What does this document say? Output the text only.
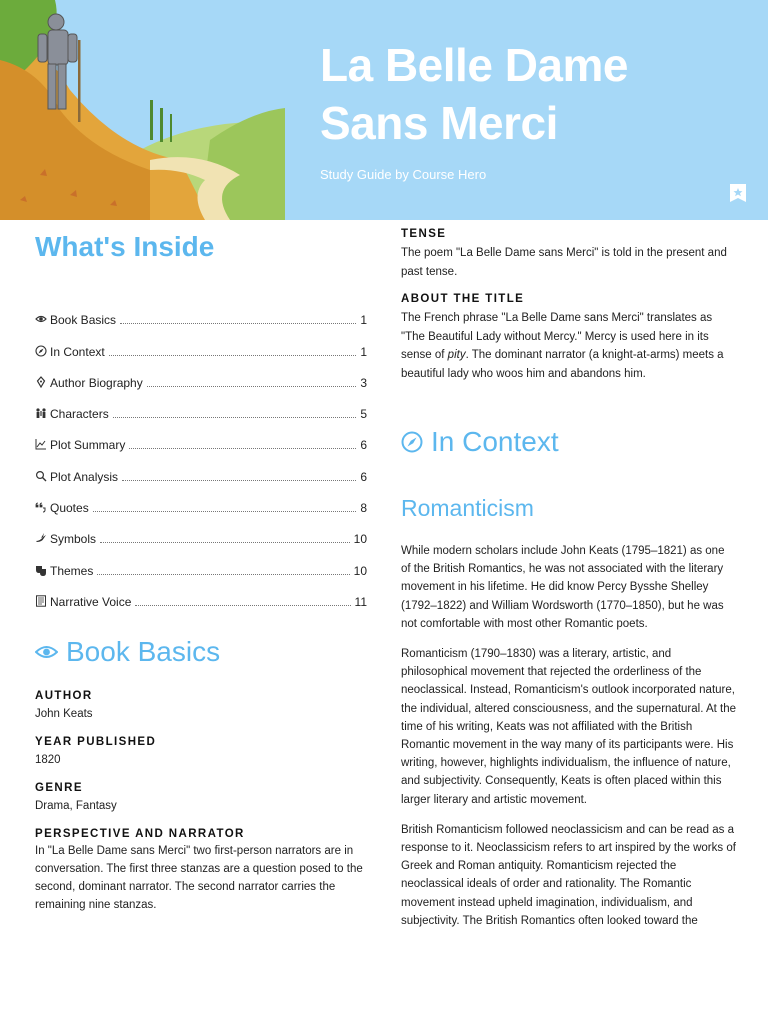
La Belle Dame
Sans Merci
Study Guide by Course Hero
What's Inside
Book Basics	1
In Context	1
Author Biography	3
Characters	5
Plot Summary	6
Plot Analysis	6
Quotes	8
Symbols	10
Themes	10
Narrative Voice	11
Book Basics

AUTHOR

John Keats

YEAR PUBLISHED

1820

GENRE

Drama, Fantasy

PERSPECTIVE AND NARRATOR

In "La Belle Dame sans Merci" two first-person narrators are in conversation. The first three stanzas are a question posed to the second, dominant narrator. The second narrator carries the remaining nine stanzas.

TENSE

The poem "La Belle Dame sans Merci" is told in the present and past tense.

ABOUT THE TITLE

The French phrase "La Belle Dame sans Merci" translates as "The Beautiful Lady without Mercy." Mercy is used here in its sense of pity. The dominant narrator (a knight-at-arms) meets a beautiful lady who woos him and abandons him.

In Context
Romanticism

While modern scholars include John Keats (1795–1821) as one of the British Romantics, he was not associated with the literary movement in his lifetime. He did know Percy Bysshe Shelley (1792–1822) and William Wordsworth (1770–1850), but he was not comfortable with most other Romantic poets.

Romanticism (1790–1830) was a literary, artistic, and philosophical movement that rejected the orderliness of the neoclassical. Instead, Romanticism's outlook incorporated nature, the individual, altered consciousness, and the supernatural. At the time of his writing, Keats was not affiliated with the British Romantic movement in the way many of its participants were. His writing, however, highlights individualism, the influence of nature, and subjectivity. Consequently, Keats is often placed within this larger literary and artistic movement.

British Romanticism followed neoclassicism and can be read as a response to it. Neoclassicism refers to art inspired by the works of Greek and Roman antiquity. Romanticism rejected the neoclassical ideals of order and rationality. The Romantic movement instead upheld imagination, individualism, and subjectivity. The British Romantics often looked toward the
